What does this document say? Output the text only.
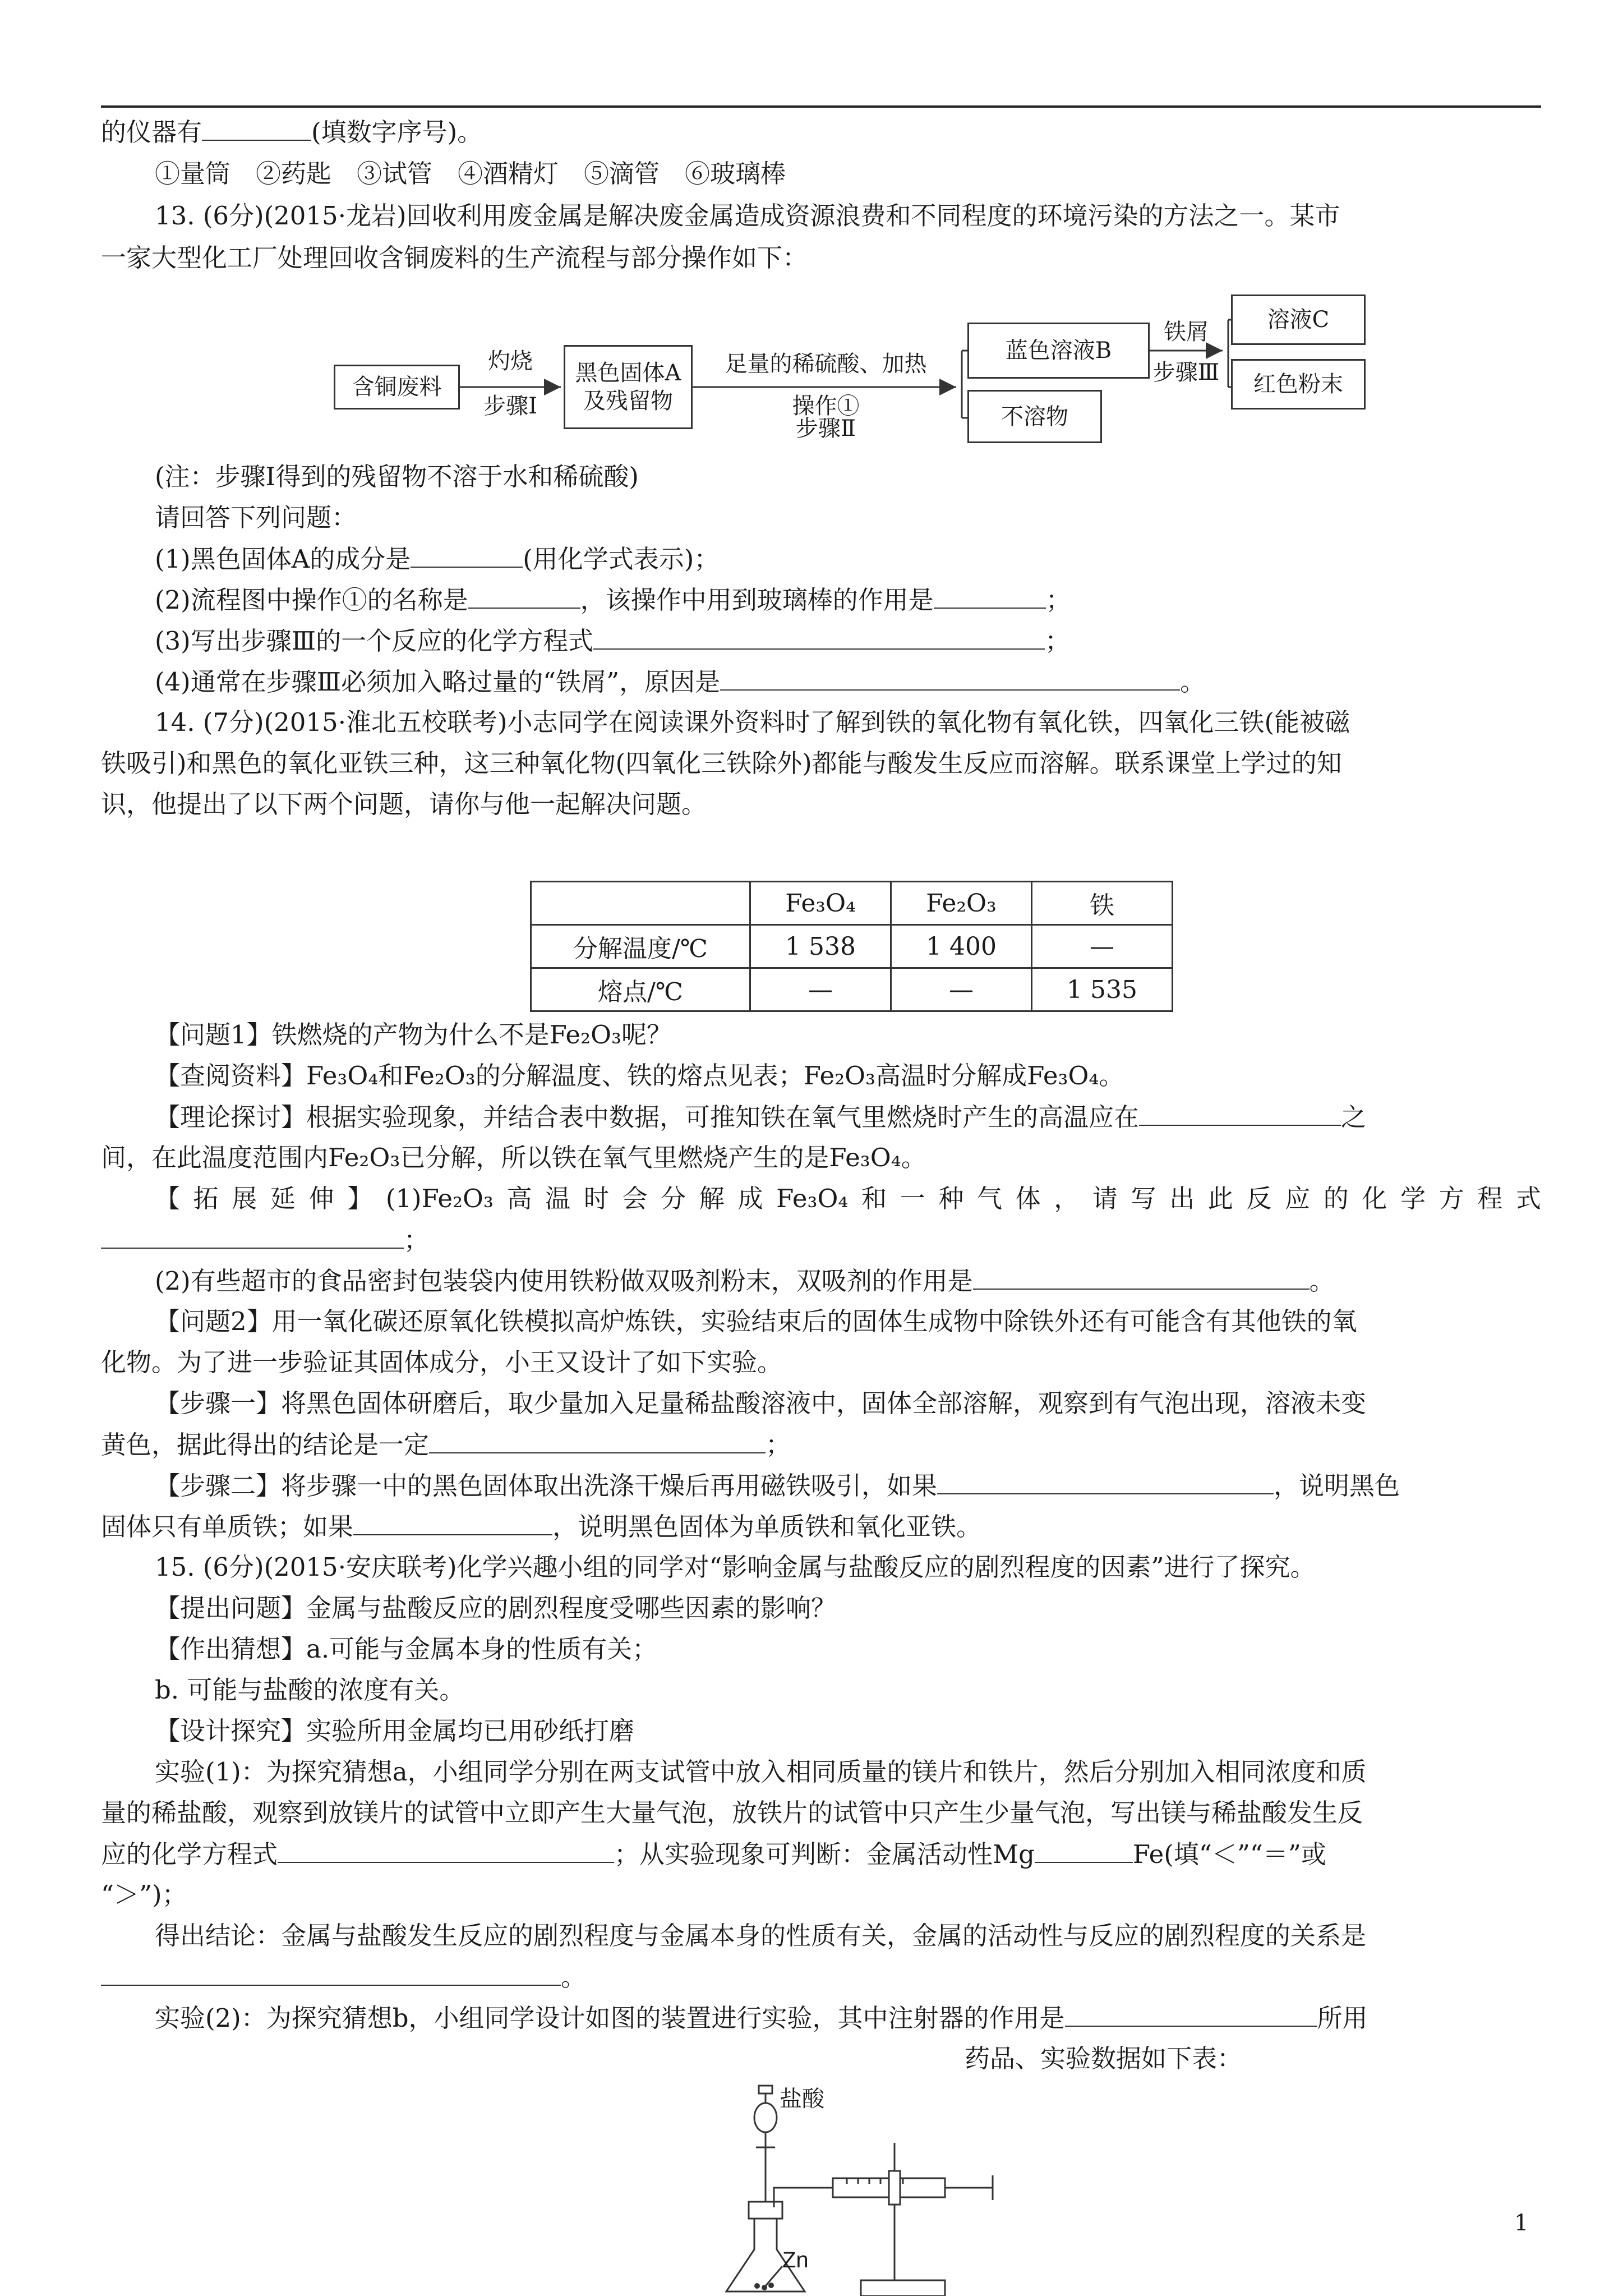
的仪器有	(填数字序号)。
①量筒　②药匙　③试管　④酒精灯　⑤滴管　⑥玻璃棒
13. (6分)(2015·龙岩)回收利用废金属是解决废金属造成资源浪费和不同程度的环境污染的方法之一。某市
一家大型化工厂处理回收含铜废料的生产流程与部分操作如下：
含铜废料
灼烧
步骤Ⅰ
黑色固体A
及残留物
足量的稀硫酸、加热
操作①
步骤Ⅱ
蓝色溶液B
不溶物
铁屑
步骤Ⅲ
溶液C
红色粉末
(注：步骤Ⅰ得到的残留物不溶于水和稀硫酸)
请回答下列问题：
(1)黑色固体A的成分是	(用化学式表示)；
(2)流程图中操作①的名称是	，该操作中用到玻璃棒的作用是	；
(3)写出步骤Ⅲ的一个反应的化学方程式	；
(4)通常在步骤Ⅲ必须加入略过量的“铁屑”，原因是	。
14. (7分)(2015·淮北五校联考)小志同学在阅读课外资料时了解到铁的氧化物有氧化铁，四氧化三铁(能被磁
铁吸引)和黑色的氧化亚铁三种，这三种氧化物(四氧化三铁除外)都能与酸发生反应而溶解。联系课堂上学过的知
识，他提出了以下两个问题，请你与他一起解决问题。
	Fe₃O₄	Fe₂O₃	铁
分解温度/℃	1 538	1 400	—
熔点/℃	—	—	1 535
【问题1】铁燃烧的产物为什么不是Fe₂O₃呢？
【查阅资料】Fe₃O₄和Fe₂O₃的分解温度、铁的熔点见表；Fe₂O₃高温时分解成Fe₃O₄。
【理论探讨】根据实验现象，并结合表中数据，可推知铁在氧气里燃烧时产生的高温应在	之
间，在此温度范围内Fe₂O₃已分解，所以铁在氧气里燃烧产生的是Fe₃O₄。
【拓展延伸】(1)Fe₂O₃高温时会分解成Fe₃O₄和一种气体，请写出此反应的化学方程式
；
(2)有些超市的食品密封包装袋内使用铁粉做双吸剂粉末，双吸剂的作用是	。
【问题2】用一氧化碳还原氧化铁模拟高炉炼铁，实验结束后的固体生成物中除铁外还有可能含有其他铁的氧
化物。为了进一步验证其固体成分，小王又设计了如下实验。
【步骤一】将黑色固体研磨后，取少量加入足量稀盐酸溶液中，固体全部溶解，观察到有气泡出现，溶液未变
黄色，据此得出的结论是一定	；
【步骤二】将步骤一中的黑色固体取出洗涤干燥后再用磁铁吸引，如果	，说明黑色
固体只有单质铁；如果	，说明黑色固体为单质铁和氧化亚铁。
15. (6分)(2015·安庆联考)化学兴趣小组的同学对“影响金属与盐酸反应的剧烈程度的因素”进行了探究。
【提出问题】金属与盐酸反应的剧烈程度受哪些因素的影响？
【作出猜想】a.可能与金属本身的性质有关；
b. 可能与盐酸的浓度有关。
【设计探究】实验所用金属均已用砂纸打磨
实验(1)：为探究猜想a，小组同学分别在两支试管中放入相同质量的镁片和铁片，然后分别加入相同浓度和质
量的稀盐酸，观察到放镁片的试管中立即产生大量气泡，放铁片的试管中只产生少量气泡，写出镁与稀盐酸发生反
应的化学方程式	；从实验现象可判断：金属活动性Mg	Fe(填“＜”“＝”或
“＞”)；
得出结论：金属与盐酸发生反应的剧烈程度与金属本身的性质有关，金属的活动性与反应的剧烈程度的关系是
。
实验(2)：为探究猜想b，小组同学设计如图的装置进行实验，其中注射器的作用是	所用
药品、实验数据如下表：
盐酸
Zn
1
